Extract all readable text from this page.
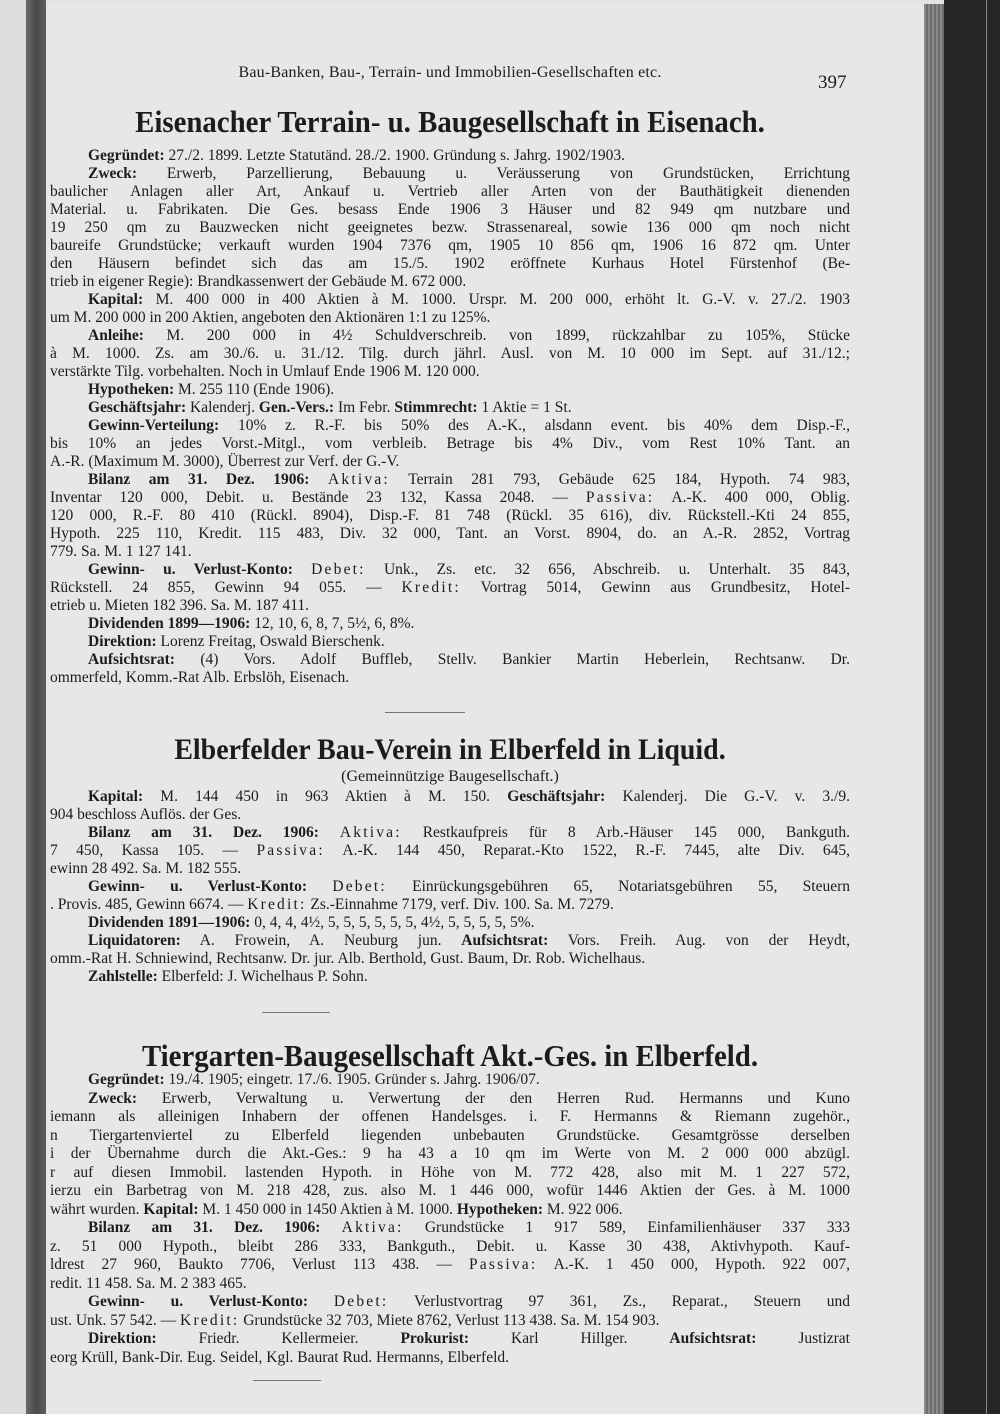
Bau-Banken, Bau-, Terrain- und Immobilien-Gesellschaften etc.	397
Eisenacher Terrain- u. Baugesellschaft in Eisenach.
Gegründet: 27./2. 1899. Letzte Statutänd. 28./2. 1900. Gründung s. Jahrg. 1902/1903.
Zweck: Erwerb, Parzellierung, Bebauung u. Veräusserung von Grundstücken, Errichtung
baulicher Anlagen aller Art, Ankauf u. Vertrieb aller Arten von der Bauthätigkeit dienenden
Material. u. Fabrikaten. Die Ges. besass Ende 1906 3 Häuser und 82 949 qm nutzbare und
19 250 qm zu Bauzwecken nicht geeignetes bezw. Strassenareal, sowie 136 000 qm noch nicht
baureife Grundstücke; verkauft wurden 1904 7376 qm, 1905 10 856 qm, 1906 16 872 qm. Unter
den Häusern befindet sich das am 15./5. 1902 eröffnete Kurhaus Hotel Fürstenhof (Be-
trieb in eigener Regie): Brandkassenwert der Gebäude M. 672 000.
Kapital: M. 400 000 in 400 Aktien à M. 1000. Urspr. M. 200 000, erhöht lt. G.-V. v. 27./2. 1903
um M. 200 000 in 200 Aktien, angeboten den Aktionären 1:1 zu 125%.
Anleihe: M. 200 000 in 4½ Schuldverschreib. von 1899, rückzahlbar zu 105%, Stücke
à M. 1000. Zs. am 30./6. u. 31./12. Tilg. durch jährl. Ausl. von M. 10 000 im Sept. auf 31./12.;
verstärkte Tilg. vorbehalten. Noch in Umlauf Ende 1906 M. 120 000.
Hypotheken: M. 255 110 (Ende 1906).
Geschäftsjahr: Kalenderj. Gen.-Vers.: Im Febr. Stimmrecht: 1 Aktie = 1 St.
Gewinn-Verteilung: 10% z. R.-F. bis 50% des A.-K., alsdann event. bis 40% dem Disp.-F.,
bis 10% an jedes Vorst.-Mitgl., vom verbleib. Betrage bis 4% Div., vom Rest 10% Tant. an
A.-R. (Maximum M. 3000), Überrest zur Verf. der G.-V.
Bilanz am 31. Dez. 1906: Aktiva: Terrain 281 793, Gebäude 625 184, Hypoth. 74 983,
Inventar 120 000, Debit. u. Bestände 23 132, Kassa 2048. — Passiva: A.-K. 400 000, Oblig.
120 000, R.-F. 80 410 (Rückl. 8904), Disp.-F. 81 748 (Rückl. 35 616), div. Rückstell.-Kti 24 855,
Hypoth. 225 110, Kredit. 115 483, Div. 32 000, Tant. an Vorst. 8904, do. an A.-R. 2852, Vortrag
779. Sa. M. 1 127 141.
Gewinn- u. Verlust-Konto: Debet: Unk., Zs. etc. 32 656, Abschreib. u. Unterhalt. 35 843,
Rückstell. 24 855, Gewinn 94 055. — Kredit: Vortrag 5014, Gewinn aus Grundbesitz, Hotel-
etrieb u. Mieten 182 396. Sa. M. 187 411.
Dividenden 1899—1906: 12, 10, 6, 8, 7, 5½, 6, 8%.
Direktion: Lorenz Freitag, Oswald Bierschenk.
Aufsichtsrat: (4) Vors. Adolf Buffleb, Stellv. Bankier Martin Heberlein, Rechtsanw. Dr.
ommerfeld, Komm.-Rat Alb. Erbslöh, Eisenach.
Elberfelder Bau-Verein in Elberfeld in Liquid.
(Gemeinnützige Baugesellschaft.)
Kapital: M. 144 450 in 963 Aktien à M. 150. Geschäftsjahr: Kalenderj. Die G.-V. v. 3./9.
904 beschloss Auflös. der Ges.
Bilanz am 31. Dez. 1906: Aktiva: Restkaufpreis für 8 Arb.-Häuser 145 000, Bankguth.
7 450, Kassa 105. — Passiva: A.-K. 144 450, Reparat.-Kto 1522, R.-F. 7445, alte Div. 645,
ewinn 28 492. Sa. M. 182 555.
Gewinn- u. Verlust-Konto: Debet: Einrückungsgebühren 65, Notariatsgebühren 55, Steuern
. Provis. 485, Gewinn 6674. — Kredit: Zs.-Einnahme 7179, verf. Div. 100. Sa. M. 7279.
Dividenden 1891—1906: 0, 4, 4, 4½, 5, 5, 5, 5, 5, 5, 4½, 5, 5, 5, 5, 5%.
Liquidatoren: A. Frowein, A. Neuburg jun. Aufsichtsrat: Vors. Freih. Aug. von der Heydt,
omm.-Rat H. Schniewind, Rechtsanw. Dr. jur. Alb. Berthold, Gust. Baum, Dr. Rob. Wichelhaus.
Zahlstelle: Elberfeld: J. Wichelhaus P. Sohn.
Tiergarten-Baugesellschaft Akt.-Ges. in Elberfeld.
Gegründet: 19./4. 1905; eingetr. 17./6. 1905. Gründer s. Jahrg. 1906/07.
Zweck: Erwerb, Verwaltung u. Verwertung der den Herren Rud. Hermanns und Kuno
iemann als alleinigen Inhabern der offenen Handelsges. i. F. Hermanns & Riemann zugehör.,
n Tiergartenviertel zu Elberfeld liegenden unbebauten Grundstücke. Gesamtgrösse derselben
i der Übernahme durch die Akt.-Ges.: 9 ha 43 a 10 qm im Werte von M. 2 000 000 abzügl.
r auf diesen Immobil. lastenden Hypoth. in Höhe von M. 772 428, also mit M. 1 227 572,
ierzu ein Barbetrag von M. 218 428, zus. also M. 1 446 000, wofür 1446 Aktien der Ges. à M. 1000
währt wurden. Kapital: M. 1 450 000 in 1450 Aktien à M. 1000. Hypotheken: M. 922 006.
Bilanz am 31. Dez. 1906: Aktiva: Grundstücke 1 917 589, Einfamilienhäuser 337 333
z. 51 000 Hypoth., bleibt 286 333, Bankguth., Debit. u. Kasse 30 438, Aktivhypoth. Kauf-
ldrest 27 960, Baukto 7706, Verlust 113 438. — Passiva: A.-K. 1 450 000, Hypoth. 922 007,
redit. 11 458. Sa. M. 2 383 465.
Gewinn- u. Verlust-Konto: Debet: Verlustvortrag 97 361, Zs., Reparat., Steuern und
ust. Unk. 57 542. — Kredit: Grundstücke 32 703, Miete 8762, Verlust 113 438. Sa. M. 154 903.
Direktion: Friedr. Kellermeier. Prokurist: Karl Hillger. Aufsichtsrat: Justizrat
eorg Krüll, Bank-Dir. Eug. Seidel, Kgl. Baurat Rud. Hermanns, Elberfeld.
